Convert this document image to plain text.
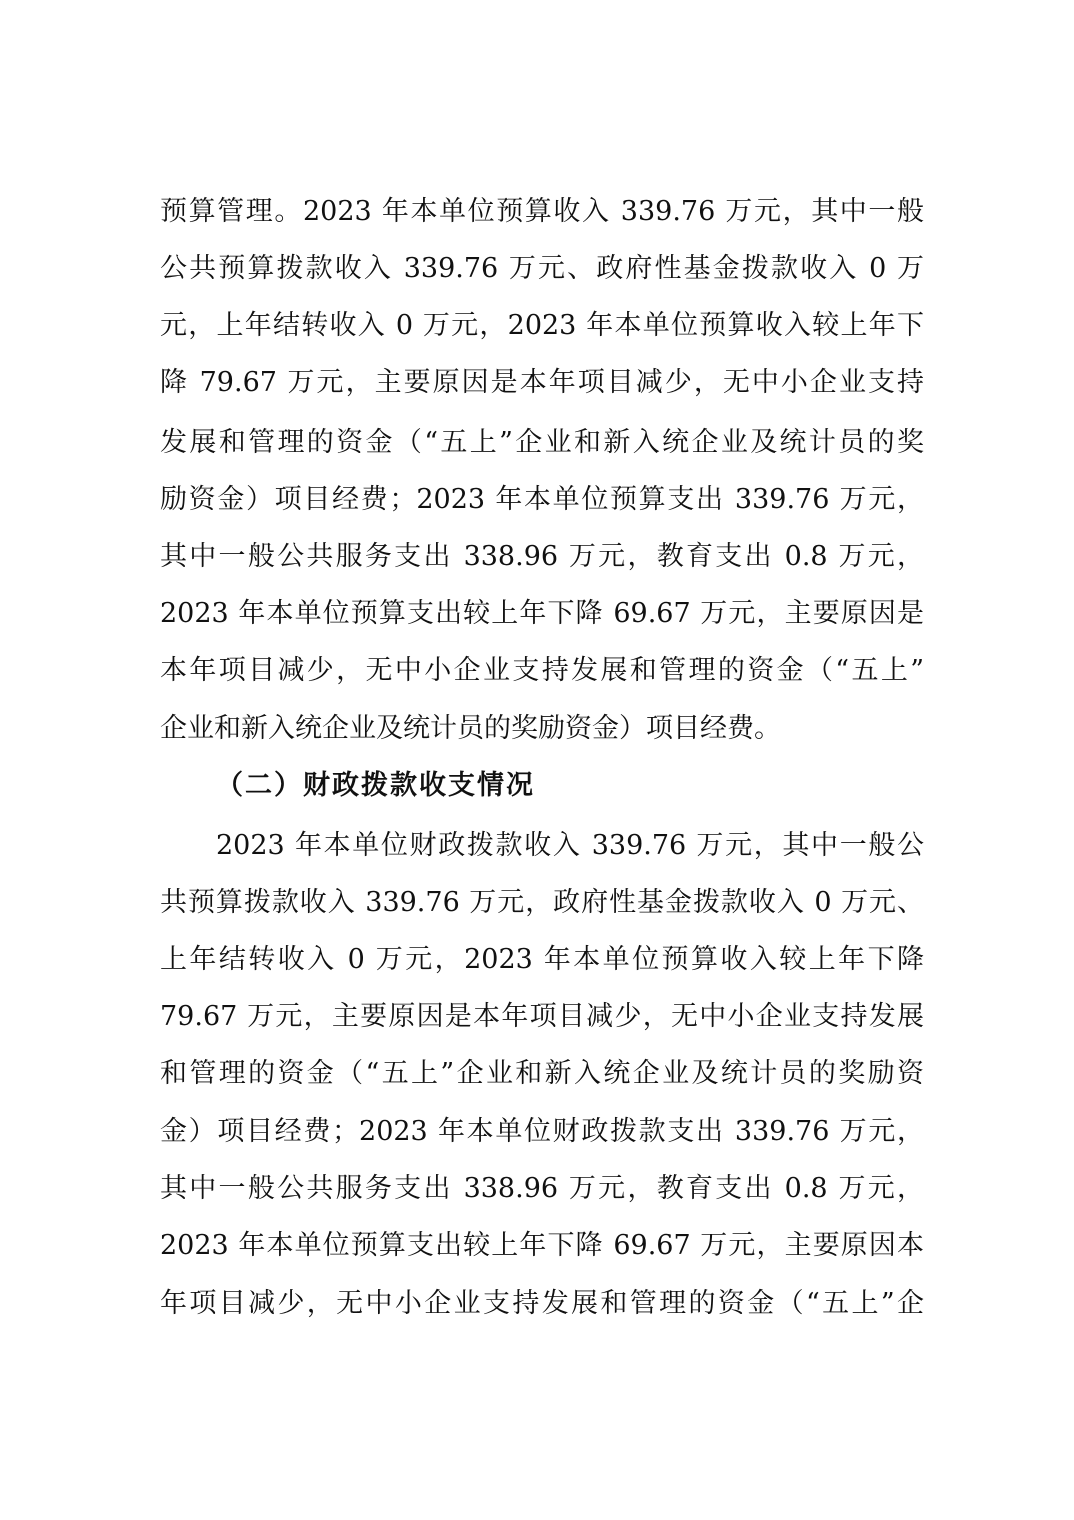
预算管理。2023 年本单位预算收入 339.76 万元，其中一般
公共预算拨款收入 339.76 万元、政府性基金拨款收入 0 万
元，上年结转收入 0 万元，2023 年本单位预算收入较上年下
降 79.67 万元，主要原因是本年项目减少，无中小企业支持
发展和管理的资金（“五上”企业和新入统企业及统计员的奖
励资金）项目经费；2023 年本单位预算支出 339.76 万元，
其中一般公共服务支出 338.96 万元，教育支出 0.8 万元，
2023 年本单位预算支出较上年下降 69.67 万元，主要原因是
本年项目减少，无中小企业支持发展和管理的资金（“五上”
企业和新入统企业及统计员的奖励资金）项目经费。
（二）财政拨款收支情况
2023 年本单位财政拨款收入 339.76 万元，其中一般公
共预算拨款收入 339.76 万元，政府性基金拨款收入 0 万元、
上年结转收入 0 万元，2023 年本单位预算收入较上年下降
79.67 万元，主要原因是本年项目减少，无中小企业支持发展
和管理的资金（“五上”企业和新入统企业及统计员的奖励资
金）项目经费；2023 年本单位财政拨款支出 339.76 万元，
其中一般公共服务支出 338.96 万元，教育支出 0.8 万元，
2023 年本单位预算支出较上年下降 69.67 万元，主要原因本
年项目减少，无中小企业支持发展和管理的资金（“五上”企
